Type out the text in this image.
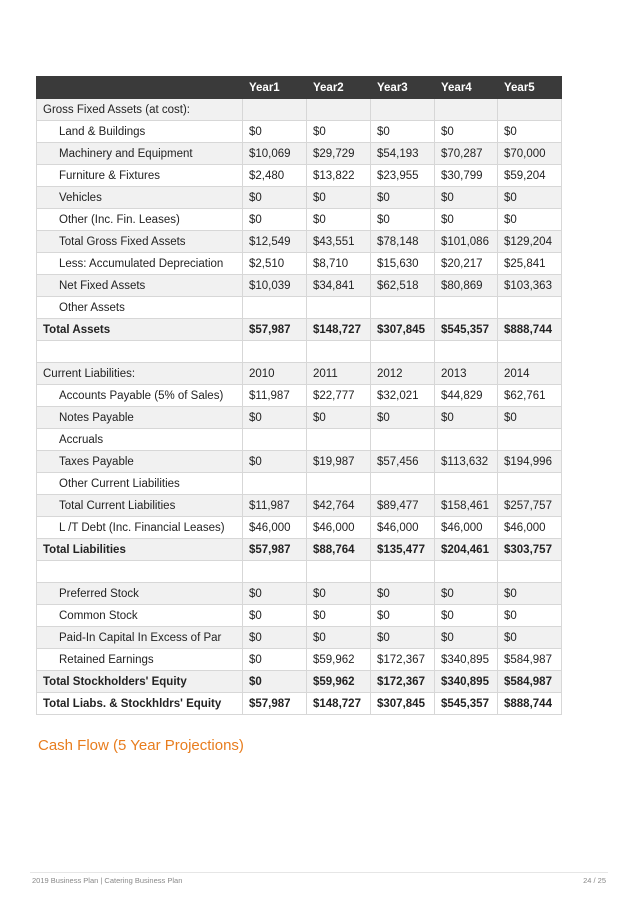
	Year1	Year2	Year3	Year4	Year5
Gross Fixed Assets (at cost):					
Land & Buildings	$0	$0	$0	$0	$0
Machinery and Equipment	$10,069	$29,729	$54,193	$70,287	$70,000
Furniture & Fixtures	$2,480	$13,822	$23,955	$30,799	$59,204
Vehicles	$0	$0	$0	$0	$0
Other (Inc. Fin. Leases)	$0	$0	$0	$0	$0
Total Gross Fixed Assets	$12,549	$43,551	$78,148	$101,086	$129,204
Less: Accumulated Depreciation	$2,510	$8,710	$15,630	$20,217	$25,841
Net Fixed Assets	$10,039	$34,841	$62,518	$80,869	$103,363
Other Assets					
Total Assets	$57,987	$148,727	$307,845	$545,357	$888,744

Current Liabilities:	2010	2011	2012	2013	2014
Accounts Payable (5% of Sales)	$11,987	$22,777	$32,021	$44,829	$62,761
Notes Payable	$0	$0	$0	$0	$0
Accruals					
Taxes Payable	$0	$19,987	$57,456	$113,632	$194,996
Other Current Liabilities					
Total Current Liabilities	$11,987	$42,764	$89,477	$158,461	$257,757
L /T Debt (Inc. Financial Leases)	$46,000	$46,000	$46,000	$46,000	$46,000
Total Liabilities	$57,987	$88,764	$135,477	$204,461	$303,757

Preferred Stock	$0	$0	$0	$0	$0
Common Stock	$0	$0	$0	$0	$0
Paid-In Capital In Excess of Par	$0	$0	$0	$0	$0
Retained Earnings	$0	$59,962	$172,367	$340,895	$584,987
Total Stockholders' Equity	$0	$59,962	$172,367	$340,895	$584,987
Total Liabs. & Stockhldrs' Equity	$57,987	$148,727	$307,845	$545,357	$888,744
Cash Flow (5 Year Projections)
2019 Business Plan | Catering Business Plan	24 / 25
